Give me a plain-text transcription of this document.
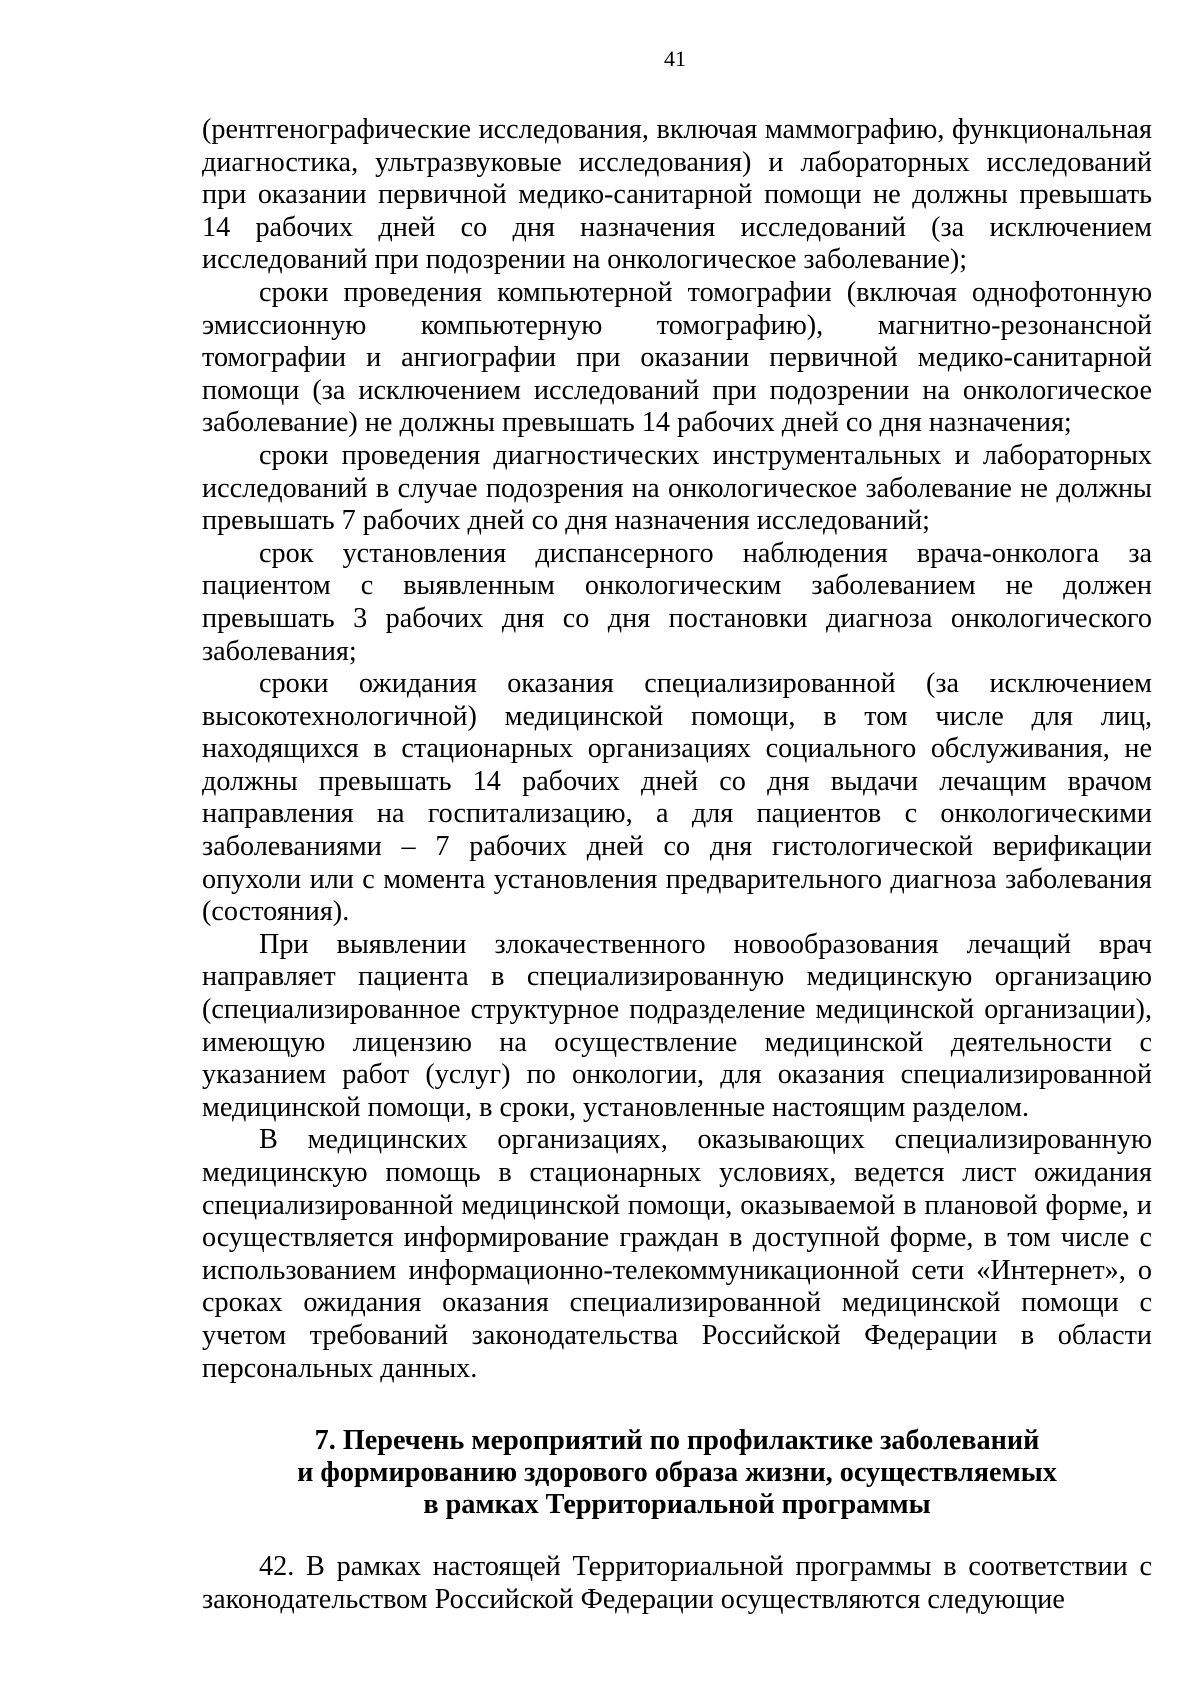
41

(рентгенографические исследования, включая маммографию, функциональная диагностика, ультразвуковые исследования) и лабораторных исследований при оказании первичной медико-санитарной помощи не должны превышать 14 рабочих дней со дня назначения исследований (за исключением исследований при подозрении на онкологическое заболевание);

сроки проведения компьютерной томографии (включая однофотонную эмиссионную компьютерную томографию), магнитно-резонансной томографии и ангиографии при оказании первичной медико-санитарной помощи (за исключением исследований при подозрении на онкологическое заболевание) не должны превышать 14 рабочих дней со дня назначения;

сроки проведения диагностических инструментальных и лабораторных исследований в случае подозрения на онкологическое заболевание не должны превышать 7 рабочих дней со дня назначения исследований;

срок установления диспансерного наблюдения врача-онколога за пациентом с выявленным онкологическим заболеванием не должен превышать 3 рабочих дня со дня постановки диагноза онкологического заболевания;

сроки ожидания оказания специализированной (за исключением высокотехнологичной) медицинской помощи, в том числе для лиц, находящихся в стационарных организациях социального обслуживания, не должны превышать 14 рабочих дней со дня выдачи лечащим врачом направления на госпитализацию, а для пациентов с онкологическими заболеваниями – 7 рабочих дней со дня гистологической верификации опухоли или с момента установления предварительного диагноза заболевания (состояния).

При выявлении злокачественного новообразования лечащий врач направляет пациента в специализированную медицинскую организацию (специализированное структурное подразделение медицинской организации), имеющую лицензию на осуществление медицинской деятельности с указанием работ (услуг) по онкологии, для оказания специализированной медицинской помощи, в сроки, установленные настоящим разделом.

В медицинских организациях, оказывающих специализированную медицинскую помощь в стационарных условиях, ведется лист ожидания специализированной медицинской помощи, оказываемой в плановой форме, и осуществляется информирование граждан в доступной форме, в том числе с использованием информационно-телекоммуникационной сети «Интернет», о сроках ожидания оказания специализированной медицинской помощи с учетом требований законодательства Российской Федерации в области персональных данных.

7. Перечень мероприятий по профилактике заболеваний
и формированию здорового образа жизни, осуществляемых
в рамках Территориальной программы

42. В рамках настоящей Территориальной программы в соответствии с законодательством Российской Федерации осуществляются следующие
